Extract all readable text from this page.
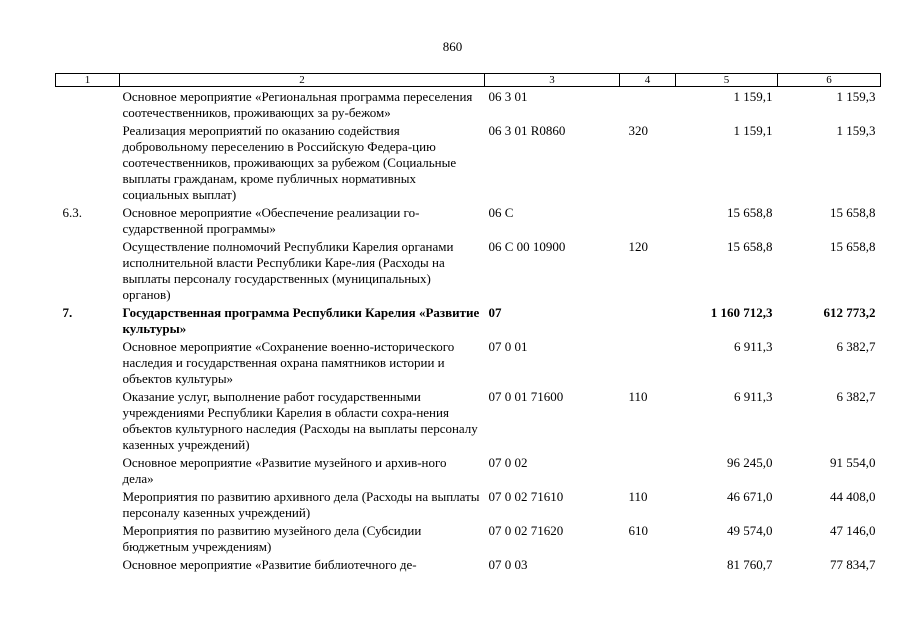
860
1	2	3	4	5	6
	Основное мероприятие «Региональная программа переселения соотечественников, проживающих за ру-бежом»	06 3 01		1 159,1	1 159,3
	Реализация мероприятий по оказанию содействия добровольному переселению в Российскую Федера-цию соотечественников, проживающих за рубежом (Социальные выплаты гражданам, кроме публичных нормативных социальных выплат)	06 3 01 R0860	320	1 159,1	1 159,3
6.3.	Основное мероприятие «Обеспечение реализации го-сударственной программы»	06 С		15 658,8	15 658,8
	Осуществление полномочий Республики Карелия органами исполнительной власти Республики Каре-лия (Расходы на выплаты персоналу государственных (муниципальных) органов)	06 С 00 10900	120	15 658,8	15 658,8
7.	Государственная программа Республики Карелия «Развитие культуры»	07		1 160 712,3	612 773,2
	Основное мероприятие «Сохранение военно-исторического наследия и государственная охрана памятников истории и объектов культуры»	07 0 01		6 911,3	6 382,7
	Оказание услуг, выполнение работ государственными учреждениями Республики Карелия в области сохра-нения объектов культурного наследия (Расходы на выплаты персоналу казенных учреждений)	07 0 01 71600	110	6 911,3	6 382,7
	Основное мероприятие «Развитие музейного и архив-ного дела»	07 0 02		96 245,0	91 554,0
	Мероприятия по развитию архивного дела (Расходы на выплаты персоналу казенных учреждений)	07 0 02 71610	110	46 671,0	44 408,0
	Мероприятия по развитию музейного дела (Субсидии бюджетным учреждениям)	07 0 02 71620	610	49 574,0	47 146,0
	Основное мероприятие «Развитие библиотечного де-	07 0 03		81 760,7	77 834,7
